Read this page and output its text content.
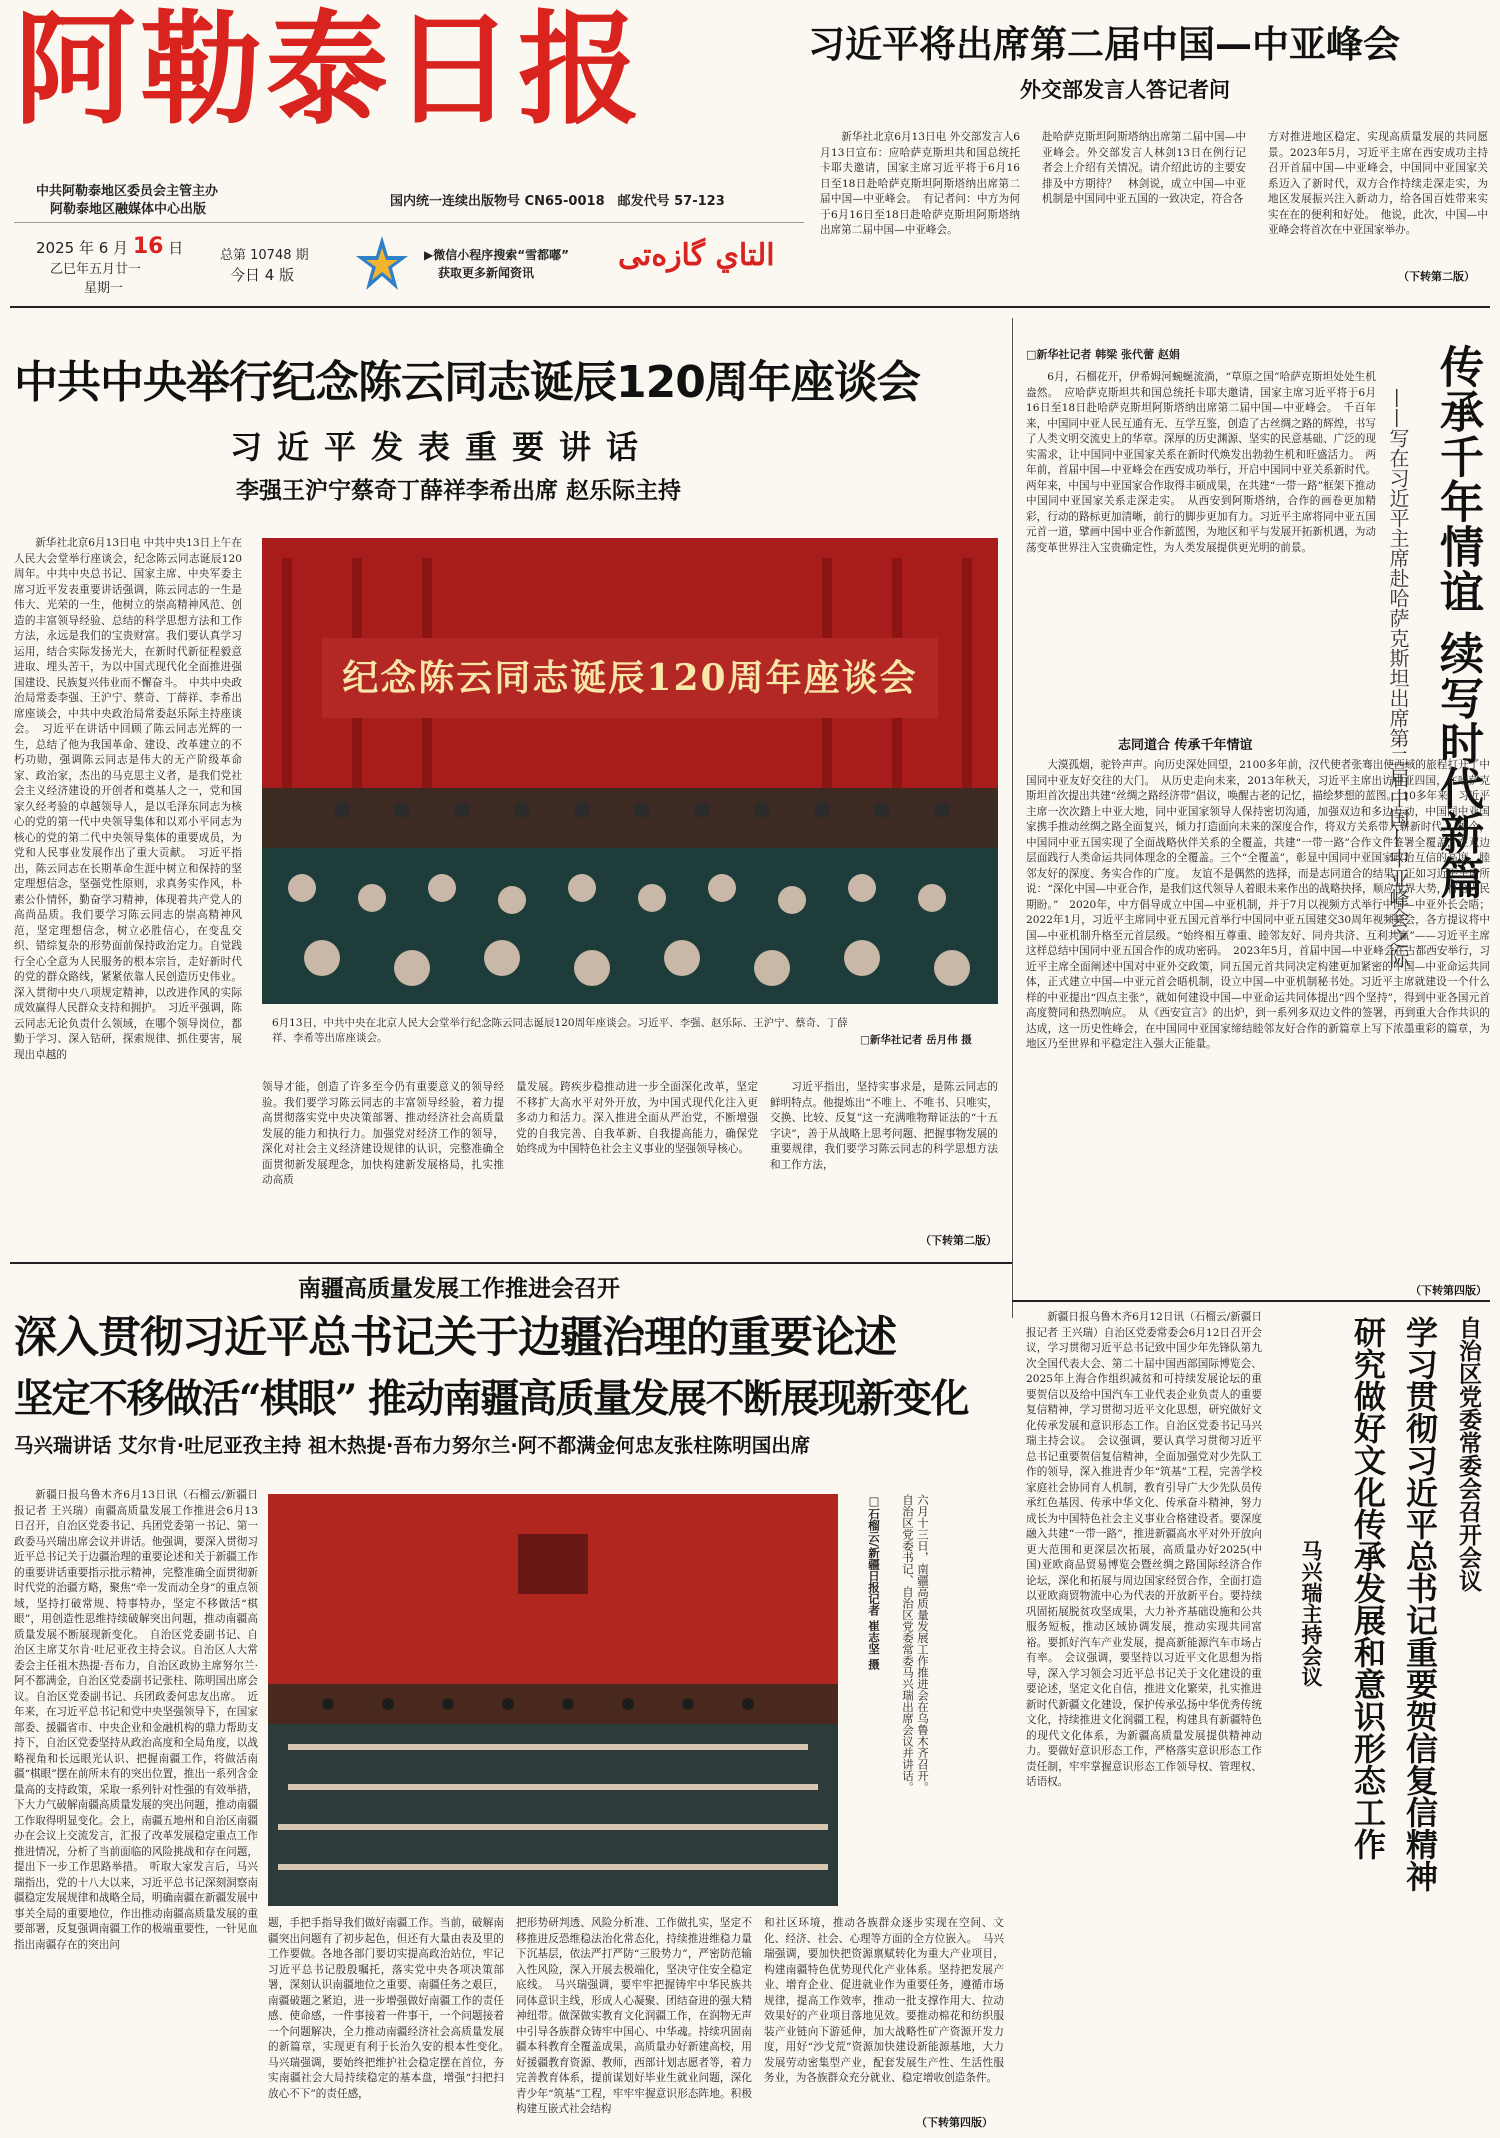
阿勒泰日报
中共阿勒泰地区委员会主管主办
阿勒泰地区融媒体中心出版
国内统一连续出版物号 CN65-0018　邮发代号 57-123
2025 年 6 月 16 日
乙巳年五月廿一
星期一
总第 10748 期
今日 4 版
▶微信小程序搜索“雪都嘟”
获取更多新闻资讯	التاي گازەتى
习近平将出席第二届中国—中亚峰会
外交部发言人答记者问
新华社北京6月13日电 外交部发言人6月13日宣布：应哈萨克斯坦共和国总统托卡耶夫邀请，国家主席习近平将于6月16日至18日赴哈萨克斯坦阿斯塔纳出席第二届中国—中亚峰会。　有记者问：中方为何于6月16日至18日赴哈萨克斯坦阿斯塔纳出席第二届中国—中亚峰会。
赴哈萨克斯坦阿斯塔纳出席第二届中国—中亚峰会。外交部发言人林剑13日在例行记者会上介绍有关情况。请介绍此访的主要安排及中方期待？　林剑说，成立中国—中亚机制是中国同中亚五国的一致决定，符合各
方对推进地区稳定、实现高质量发展的共同愿景。2023年5月，习近平主席在西安成功主持召开首届中国—中亚峰会，中国同中亚国家关系迈入了新时代，双方合作持续走深走实，为地区发展振兴注入新动力，给各国百姓带来实实在在的便利和好处。　他说，此次，中国—中亚峰会将首次在中亚国家举办。
（下转第二版）
中共中央举行纪念陈云同志诞辰120周年座谈会
习近平发表重要讲话
李强王沪宁蔡奇丁薛祥李希出席 赵乐际主持
新华社北京6月13日电 中共中央13日上午在人民大会堂举行座谈会，纪念陈云同志诞辰120周年。中共中央总书记、国家主席、中央军委主席习近平发表重要讲话强调，陈云同志的一生是伟大、光荣的一生，他树立的崇高精神风范、创造的丰富领导经验、总结的科学思想方法和工作方法，永远是我们的宝贵财富。我们要认真学习运用，结合实际发扬光大，在新时代新征程毅意进取、埋头苦干，为以中国式现代化全面推进强国建设、民族复兴伟业而不懈奋斗。　中共中央政治局常委李强、王沪宁、蔡奇、丁薛祥、李希出席座谈会，中共中央政治局常委赵乐际主持座谈会。　习近平在讲话中回顾了陈云同志光辉的一生，总结了他为我国革命、建设、改革建立的不朽功勋，强调陈云同志是伟大的无产阶级革命家、政治家，杰出的马克思主义者，是我们党社会主义经济建设的开创者和奠基人之一，党和国家久经考验的卓越领导人，是以毛泽东同志为核心的党的第一代中央领导集体和以邓小平同志为核心的党的第二代中央领导集体的重要成员，为党和人民事业发展作出了重大贡献。　习近平指出，陈云同志在长期革命生涯中树立和保持的坚定理想信念，坚强党性原则，求真务实作风，朴素公仆情怀，勤奋学习精神，体现着共产党人的高尚品质。我们要学习陈云同志的崇高精神风范，坚定理想信念，树立必胜信心，在变乱交织、错综复杂的形势面前保持政治定力。自觉践行全心全意为人民服务的根本宗旨，走好新时代的党的群众路线，紧紧依靠人民创造历史伟业。深入贯彻中央八项规定精神，以改进作风的实际成效赢得人民群众支持和拥护。　习近平强调，陈云同志无论负责什么领域，在哪个领导岗位，都勤于学习、深入钻研，探索规律、抓住要害，展现出卓越的
纪念陈云同志诞辰120周年座谈会
6月13日，中共中央在北京人民大会堂举行纪念陈云同志诞辰120周年座谈会。习近平、李强、赵乐际、王沪宁、蔡奇、丁薛祥、李希等出席座谈会。	□新华社记者 岳月伟 摄
领导才能，创造了许多至今仍有重要意义的领导经验。我们要学习陈云同志的丰富领导经验，着力提高贯彻落实党中央决策部署、推动经济社会高质量发展的能力和执行力。加强党对经济工作的领导，深化对社会主义经济建设规律的认识，完整准确全面贯彻新发展理念，加快构建新发展格局，扎实推动高质
量发展。跨疾步稳推动进一步全面深化改革，坚定不移扩大高水平对外开放，为中国式现代化注入更多动力和活力。深入推进全面从严治党，不断增强党的自我完善、自我革新、自我提高能力，确保党始终成为中国特色社会主义事业的坚强领导核心。
习近平指出，坚持实事求是，是陈云同志的鲜明特点。他提炼出“不唯上、不唯书、只唯实，交换、比较、反复”这一充满唯物辩证法的“十五字诀”，善于从战略上思考问题、把握事物发展的重要规律，我们要学习陈云同志的科学思想方法和工作方法，
（下转第二版）
□新华社记者 韩梁 张代蕾 赵娟	传承千年情谊 续写时代新篇
——写在习近平主席赴哈萨克斯坦出席第二届中国—中亚峰会之际
6月，石榴花开，伊希姆河蜿蜒流淌，“草原之国”哈萨克斯坦处处生机盎然。　应哈萨克斯坦共和国总统托卡耶夫邀请，国家主席习近平将于6月16日至18日赴哈萨克斯坦阿斯塔纳出席第二届中国—中亚峰会。　千百年来，中国同中亚人民互通有无、互学互鉴，创造了古丝绸之路的辉煌，书写了人类文明交流史上的华章。深厚的历史渊源、坚实的民意基础、广泛的现实需求，让中国同中亚国家关系在新时代焕发出勃勃生机和旺盛活力。　两年前，首届中国—中亚峰会在西安成功举行，开启中国同中亚关系新时代。两年来，中国与中亚国家合作取得丰硕成果，在共建“一带一路”框架下推动中国同中亚国家关系走深走实。　从西安到阿斯塔纳，合作的画卷更加精彩，行动的路标更加清晰，前行的脚步更加有力。习近平主席将同中亚五国元首一道，擘画中国中亚合作新蓝图，为地区和平与发展开拓新机遇，为动荡变革世界注入宝贵确定性，为人类发展提供更光明的前景。
志同道合 传承千年情谊
大漠孤烟，驼铃声声。向历史深处回望，2100多年前，汉代使者张骞出使西域的旅程打开了中国同中亚友好交往的大门。　从历史走向未来，2013年秋天，习近平主席出访中亚四国，在哈萨克斯坦首次提出共建“丝绸之路经济带”倡议，唤醒古老的记忆，描绘梦想的蓝图。　10多年来，习近平主席一次次踏上中亚大地，同中亚国家领导人保持密切沟通，加强双边和多边互动，中国同中亚国家携手推动丝绸之路全面复兴，倾力打造面向未来的深度合作，将双方关系带入崭新时代。　如今，中国同中亚五国实现了全面战略伙伴关系的全覆盖，共建“一带一路”合作文件签署全覆盖，在双边层面践行人类命运共同体理念的全覆盖。三个“全覆盖”，彰显中国同中亚国家政治互信的高度、睦邻友好的深度、务实合作的广度。　友谊不是偶然的选择，而是志同道合的结果。正如习近平主席所说：“深化中国—中亚合作，是我们这代领导人着眼未来作出的战略抉择，顺应世界大势，符合人民期盼。”　2020年，中方倡导成立中国—中亚机制，并于7月以视频方式举行中国—中亚外长会晤；2022年1月，习近平主席同中亚五国元首举行中国同中亚五国建交30周年视频峰会，各方提议将中国—中亚机制升格至元首层级。“始终相互尊重、睦邻友好、同舟共济、互利共赢”——习近平主席这样总结中国同中亚五国合作的成功密码。　2023年5月，首届中国—中亚峰会在古都西安举行，习近平主席全面阐述中国对中亚外交政策，同五国元首共同决定构建更加紧密的中国—中亚命运共同体，正式建立中国—中亚元首会晤机制，设立中国—中亚机制秘书处。习近平主席就建设一个什么样的中亚提出“四点主张”，就如何建设中国—中亚命运共同体提出“四个坚持”，得到中亚各国元首高度赞同和热烈响应。　从《西安宣言》的出炉，到一系列多双边文件的签署，再到重大合作共识的达成，这一历史性峰会，在中国同中亚国家缔结睦邻友好合作的新篇章上写下浓墨重彩的篇章，为地区乃至世界和平稳定注入强大正能量。
（下转第四版）
南疆高质量发展工作推进会召开
深入贯彻习近平总书记关于边疆治理的重要论述
坚定不移做活“棋眼” 推动南疆高质量发展不断展现新变化
马兴瑞讲话 艾尔肯·吐尼亚孜主持 祖木热提·吾布力努尔兰·阿不都满金何忠友张柱陈明国出席
新疆日报乌鲁木齐6月13日讯（石榴云/新疆日报记者 王兴瑞）南疆高质量发展工作推进会6月13日召开，自治区党委书记、兵团党委第一书记、第一政委马兴瑞出席会议并讲话。他强调，要深入贯彻习近平总书记关于边疆治理的重要论述和关于新疆工作的重要讲话重要指示批示精神，完整准确全面贯彻新时代党的治疆方略，聚焦“牵一发而动全身”的重点领域，坚持打破常规、特事特办，坚定不移做活“棋眼”，用创造性思维持续破解突出问题，推动南疆高质量发展不断展现新变化。　自治区党委副书记、自治区主席艾尔肯·吐尼亚孜主持会议。自治区人大常委会主任祖木热提·吾布力，自治区政协主席努尔兰·阿不都满金，自治区党委副书记张柱、陈明国出席会议。自治区党委副书记、兵团政委何忠友出席。　近年来，在习近平总书记和党中央坚强领导下，在国家部委、援疆省市、中央企业和金融机构的鼎力帮助支持下，自治区党委坚持从政治高度和全局角度，以战略视角和长远眼光认识、把握南疆工作，将做活南疆“棋眼”摆在前所未有的突出位置，推出一系列含金量高的支持政策，采取一系列针对性强的有效举措，下大力气破解南疆高质量发展的突出问题，推动南疆工作取得明显变化。会上，南疆五地州和自治区南疆办在会议上交流发言，汇报了改革发展稳定重点工作推进情况，分析了当前面临的风险挑战和存在问题，提出下一步工作思路举措。　听取大家发言后，马兴瑞指出，党的十八大以来，习近平总书记深刻洞察南疆稳定发展规律和战略全局，明确南疆在新疆发展中事关全局的重要地位，作出推动南疆高质量发展的重要部署，反复强调南疆工作的极端重要性，一针见血指出南疆存在的突出问
六月十三日，南疆高质量发展工作推进会在乌鲁木齐召开。自治区党委书记、自治区党委常委马兴瑞出席会议并讲话。
□石榴云/新疆日报记者 崔志坚 摄
题，手把手指导我们做好南疆工作。当前，破解南疆突出问题有了初步起色，但还有大量由表及里的工作要做。各地各部门要切实提高政治站位，牢记习近平总书记殷殷嘱托，落实党中央各项决策部署，深刻认识南疆地位之重要、南疆任务之艰巨，南疆破题之紧迫，进一步增强做好南疆工作的责任感、使命感，一件事接着一件事干，一个问题接着一个问题解决，全力推动南疆经济社会高质量发展的新篇章，实现更有利于长治久安的根本性变化。　马兴瑞强调，要始终把维护社会稳定摆在首位，夯实南疆社会大局持续稳定的基本盘，增强“扫把扫放心不下”的责任感，
把形势研判透、风险分析准、工作做扎实，坚定不移推进反恐维稳法治化常态化，持续推进维稳力量下沉基层，依法严打严防“三股势力”，严密防范输入性风险，深入开展去极端化，坚决守住安全稳定底线。　马兴瑞强调，要牢牢把握铸牢中华民族共同体意识主线，形成人心凝聚、团结奋进的强大精神纽带。做深做实教育文化润疆工作，在润物无声中引导各族群众铸牢中国心、中华魂。持续巩固南疆本科教育全覆盖成果，高质量办好新建高校，用好援疆教育资源、教师，西部计划志愿者等，着力完善教育体系，提前谋划好毕业生就业问题，深化青少年“筑基”工程，牢牢牢握意识形态阵地。积极构建互嵌式社会结构
和社区环境，推动各族群众逐步实现在空间、文化、经济、社会、心理等方面的全方位嵌入。　马兴瑞强调，要加快把资源禀赋转化为重大产业项目，构建南疆特色优势现代化产业体系。坚持把发展产业、增育企业、促进就业作为重要任务，遵循市场规律，提高工作效率，推动一批支撑作用大、拉动效果好的产业项目落地见效。要推动棉花和纺织服装产业链向下游延伸，加大战略性矿产资源开发力度，用好“沙戈荒”资源加快建设新能源基地，大力发展劳动密集型产业，配套发展生产性、生活性服务业，为各族群众充分就业、稳定增收创造条件。
（下转第四版）
新疆日报乌鲁木齐6月12日讯（石榴云/新疆日报记者 王兴瑞）自治区党委常委会6月12日召开会议，学习贯彻习近平总书记致中国少年先锋队第九次全国代表大会、第二十届中国西部国际博览会、2025年上海合作组织减贫和可持续发展论坛的重要贺信以及给中国汽车工业代表企业负责人的重要复信精神，学习贯彻习近平文化思想，研究做好文化传承发展和意识形态工作。自治区党委书记马兴瑞主持会议。　会议强调，要认真学习贯彻习近平总书记重要贺信复信精神，全面加强党对少先队工作的领导，深入推进青少年“筑基”工程，完善学校家庭社会协同育人机制，教育引导广大少先队员传承红色基因、传承中华文化、传承奋斗精神，努力成长为中国特色社会主义事业合格建设者。要深度融入共建“一带一路”，推进新疆高水平对外开放向更大范围和更深层次拓展，高质量办好2025(中国)亚欧商品贸易博览会暨丝绸之路国际经济合作论坛，深化和拓展与周边国家经贸合作，全面打造以亚欧商贸物流中心为代表的开放新平台。要持续巩固拓展脱贫攻坚成果，大力补齐基础设施和公共服务短板，推动区域协调发展，推动实现共同富裕。要抓好汽车产业发展，提高新能源汽车市场占有率。　会议强调，要坚持以习近平文化思想为指导，深入学习领会习近平总书记关于文化建设的重要论述，坚定文化自信，推进文化繁荣，扎实推进新时代新疆文化建设，保护传承弘扬中华优秀传统文化，持续推进文化润疆工程，构建具有新疆特色的现代文化体系，为新疆高质量发展提供精神动力。要做好意识形态工作，严格落实意识形态工作责任制，牢牢掌握意识形态工作领导权、管理权、话语权。
自治区党委常委会召开会议
学习贯彻习近平总书记重要贺信复信精神
研究做好文化传承发展和意识形态工作
马兴瑞主持会议
